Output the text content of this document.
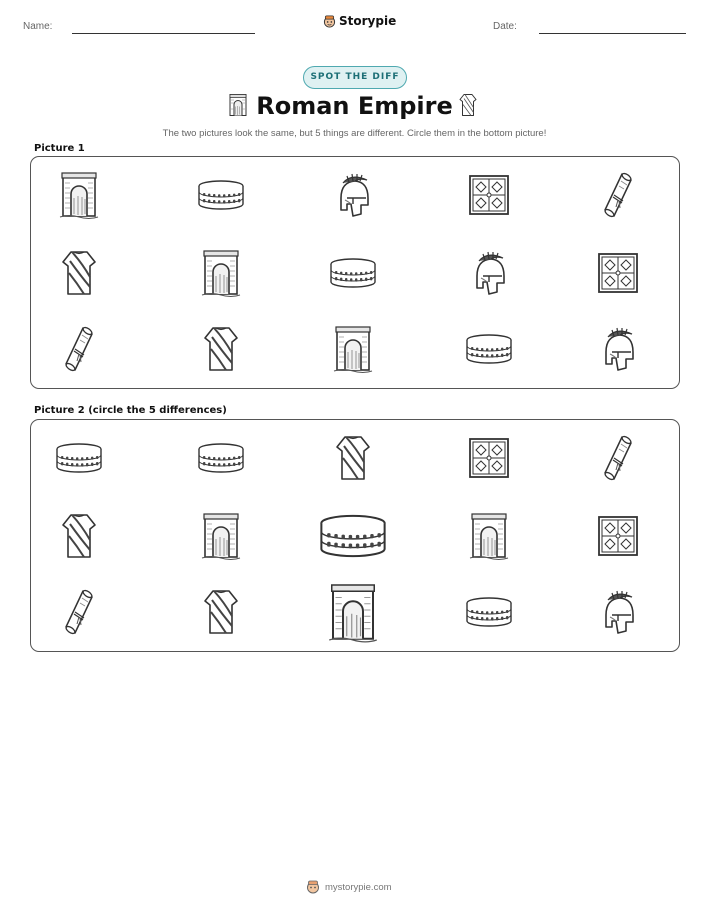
Name:	Storypie	Date:
SPOT THE DIFF
Roman Empire
The two pictures look the same, but 5 things are different. Circle them in the bottom picture!
Picture 1
Picture 2 (circle the 5 differences)
mystorypie.com
